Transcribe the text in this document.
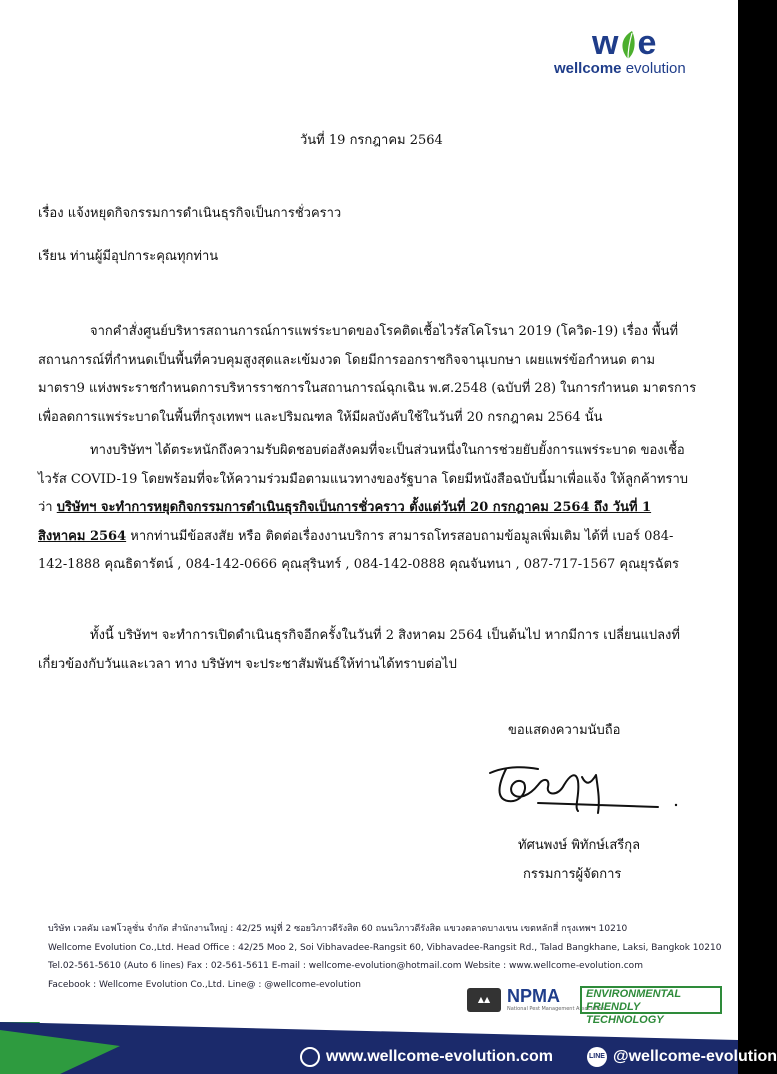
w e
wellcome evolution
วันที่ 19 กรกฎาคม 2564
เรื่อง แจ้งหยุดกิจกรรมการดำเนินธุรกิจเป็นการชั่วคราว
เรียน ท่านผู้มีอุปการะคุณทุกท่าน
จากคำสั่งศูนย์บริหารสถานการณ์การแพร่ระบาดของโรคติดเชื้อไวรัสโคโรนา 2019 (โควิด-19) เรื่อง พื้นที่สถานการณ์ที่กำหนดเป็นพื้นที่ควบคุมสูงสุดและเข้มงวด โดยมีการออกราชกิจจานุเบกษา เผยแพร่ข้อกำหนด ตามมาตรา9 แห่งพระราชกำหนดการบริหารราชการในสถานการณ์ฉุกเฉิน พ.ศ.2548 (ฉบับที่ 28) ในการกำหนด มาตรการเพื่อลดการแพร่ระบาดในพื้นที่กรุงเทพฯ และปริมณฑล ให้มีผลบังคับใช้ในวันที่ 20 กรกฎาคม 2564 นั้น
ทางบริษัทฯ ได้ตระหนักถึงความรับผิดชอบต่อสังคมที่จะเป็นส่วนหนึ่งในการช่วยยับยั้งการแพร่ระบาด ของเชื้อไวรัส COVID-19 โดยพร้อมที่จะให้ความร่วมมือตามแนวทางของรัฐบาล โดยมีหนังสือฉบับนี้มาเพื่อแจ้ง ให้ลูกค้าทราบว่า บริษัทฯ จะทำการหยุดกิจกรรมการดำเนินธุรกิจเป็นการชั่วคราว ตั้งแต่วันที่ 20 กรกฎาคม 2564 ถึง วันที่ 1 สิงหาคม 2564 หากท่านมีข้อสงสัย หรือ ติดต่อเรื่องงานบริการ สามารถโทรสอบถามข้อมูลเพิ่มเติม ได้ที่ เบอร์ 084-142-1888 คุณธิดารัตน์ , 084-142-0666 คุณสุรินทร์ , 084-142-0888 คุณจันทนา , 087-717-1567 คุณยุรฉัตร
ทั้งนี้ บริษัทฯ จะทำการเปิดดำเนินธุรกิจอีกครั้งในวันที่ 2 สิงหาคม 2564 เป็นต้นไป หากมีการ เปลี่ยนแปลงที่เกี่ยวข้องกับวันและเวลา ทาง บริษัทฯ จะประชาสัมพันธ์ให้ท่านได้ทราบต่อไป
ขอแสดงความนับถือ
ทัศนพงษ์ พิทักษ์เสรีกุล
กรรมการผู้จัดการ
บริษัท เวลคัม เอฟโวลูชั่น จำกัด สำนักงานใหญ่ : 42/25 หมู่ที่ 2 ซอยวิภาวดีรังสิต 60 ถนนวิภาวดีรังสิต แขวงตลาดบางเขน เขตหลักสี่ กรุงเทพฯ 10210
Wellcome Evolution Co.,Ltd. Head Office : 42/25 Moo 2, Soi Vibhavadee-Rangsit 60, Vibhavadee-Rangsit Rd., Talad Bangkhane, Laksi, Bangkok 10210
Tel.02-561-5610 (Auto 6 lines) Fax : 02-561-5611 E-mail : wellcome-evolution@hotmail.com Website : www.wellcome-evolution.com
Facebook : Wellcome Evolution Co.,Ltd. Line@ : @wellcome-evolution
▲▲ NPMA
National Pest Management Association
ENVIRONMENTAL
FRIENDLY TECHNOLOGY
www.wellcome-evolution.com	LINE @wellcome-evolution
